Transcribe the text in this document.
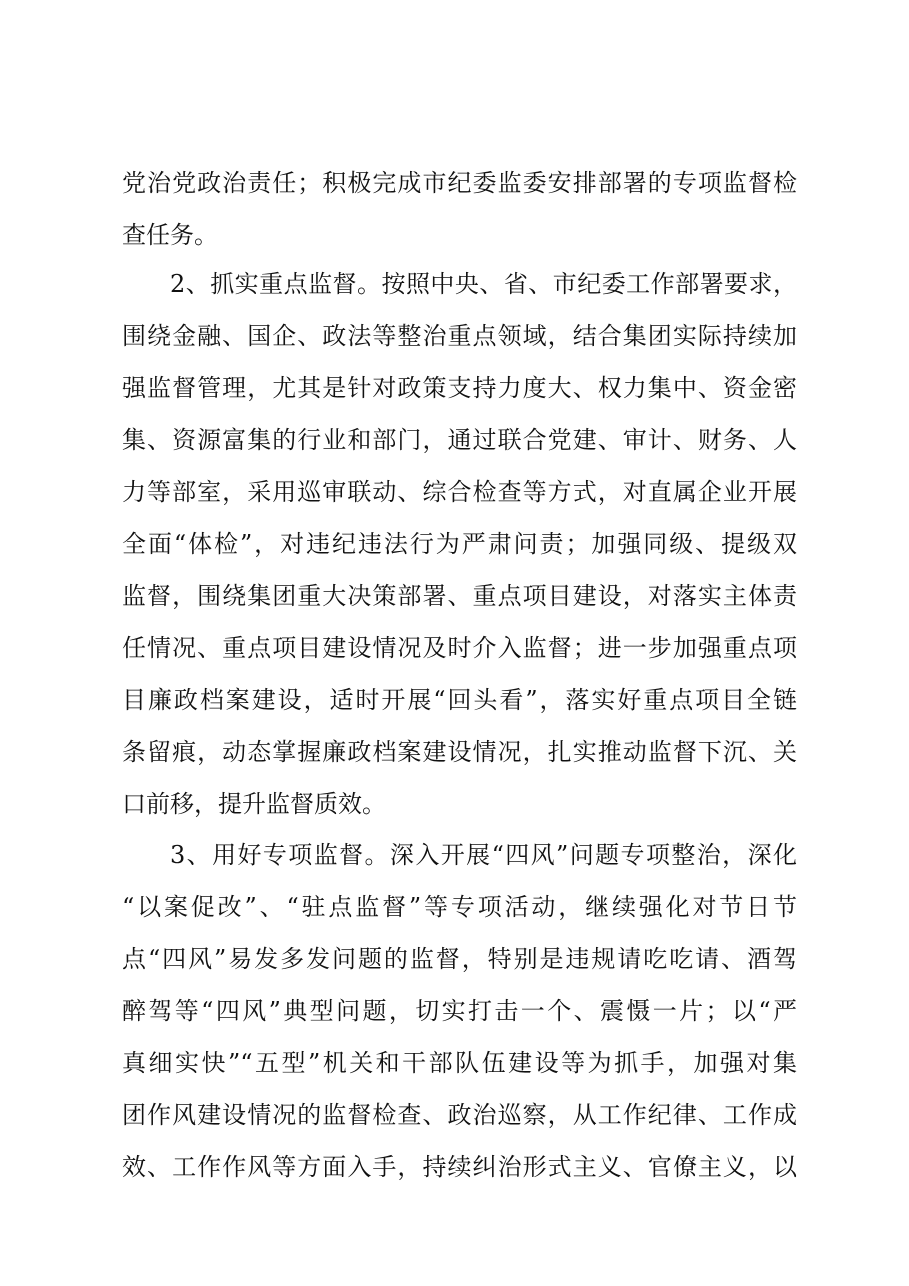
党治党政治责任；积极完成市纪委监委安排部署的专项监督检
查任务。
2、抓实重点监督。按照中央、省、市纪委工作部署要求，
围绕金融、国企、政法等整治重点领域，结合集团实际持续加
强监督管理，尤其是针对政策支持力度大、权力集中、资金密
集、资源富集的行业和部门，通过联合党建、审计、财务、人
力等部室，采用巡审联动、综合检查等方式，对直属企业开展
全面“体检”，对违纪违法行为严肃问责；加强同级、提级双
监督，围绕集团重大决策部署、重点项目建设，对落实主体责
任情况、重点项目建设情况及时介入监督；进一步加强重点项
目廉政档案建设，适时开展“回头看”，落实好重点项目全链
条留痕，动态掌握廉政档案建设情况，扎实推动监督下沉、关
口前移，提升监督质效。
3、用好专项监督。深入开展“四风”问题专项整治，深化
“以案促改”、“驻点监督”等专项活动，继续强化对节日节
点“四风”易发多发问题的监督，特别是违规请吃吃请、酒驾
醉驾等“四风”典型问题，切实打击一个、震慑一片；以“严
真细实快”“五型”机关和干部队伍建设等为抓手，加强对集
团作风建设情况的监督检查、政治巡察，从工作纪律、工作成
效、工作作风等方面入手，持续纠治形式主义、官僚主义，以
